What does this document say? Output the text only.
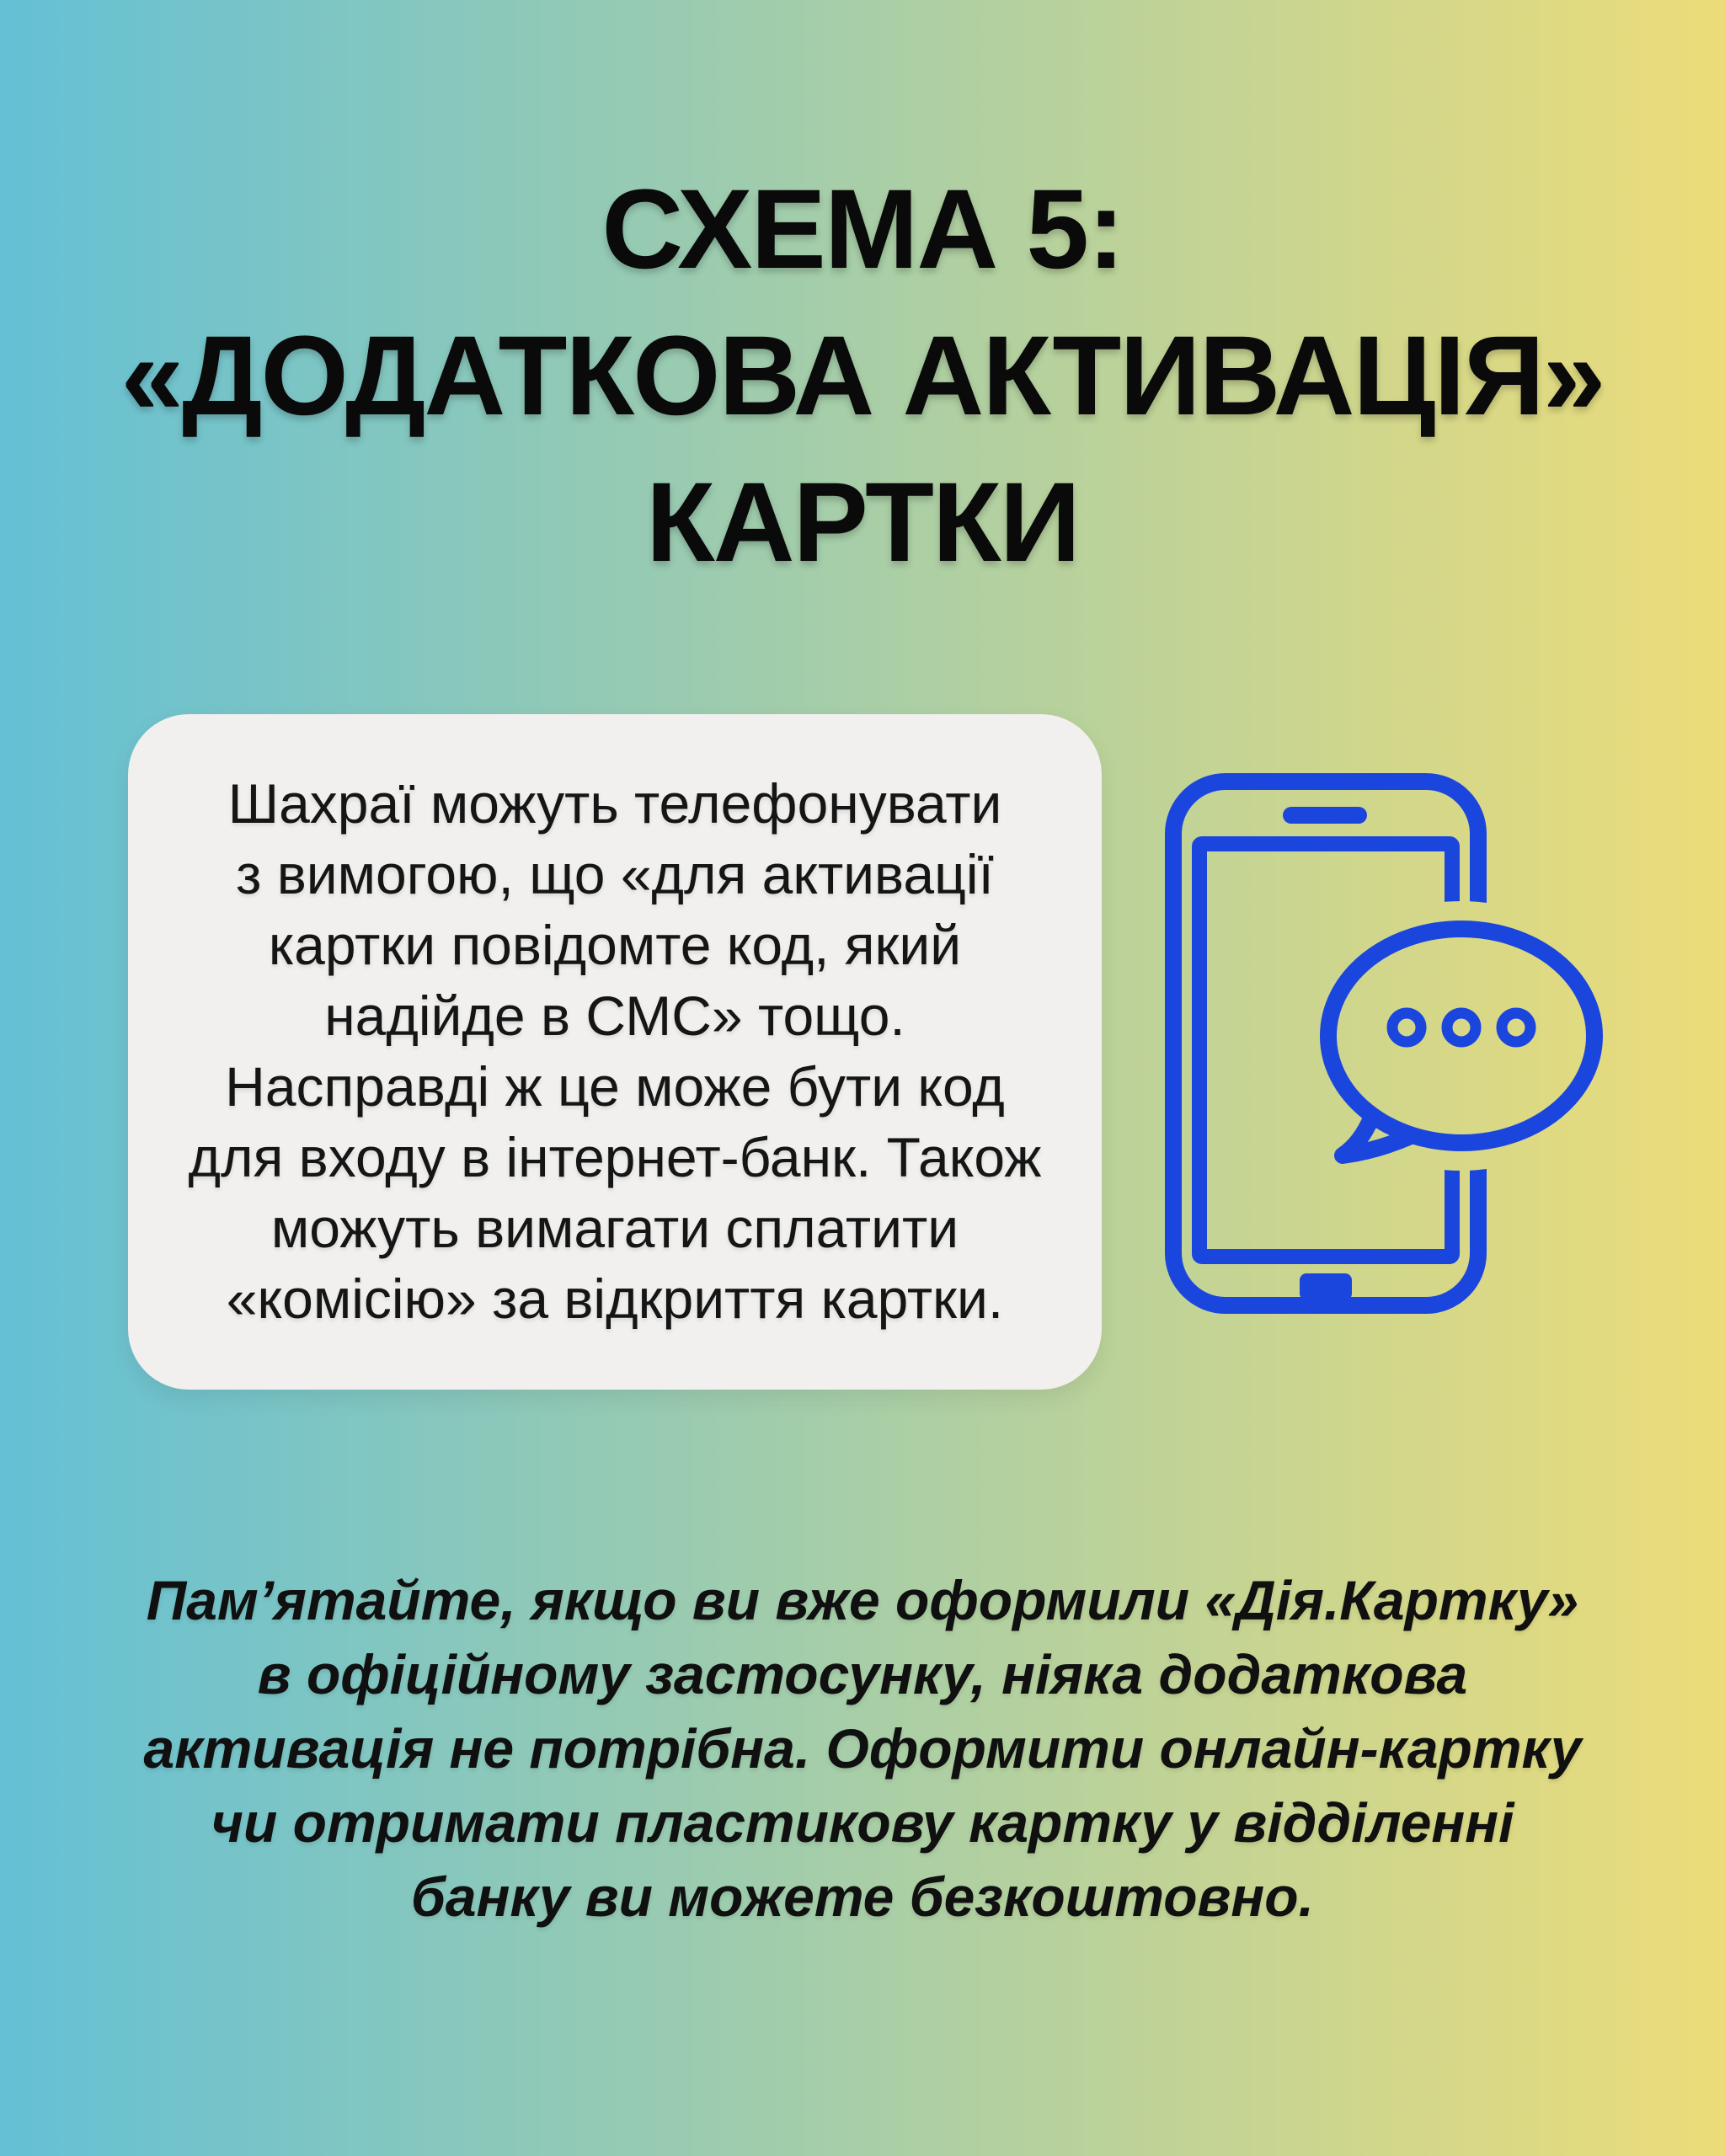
СХЕМА 5:
«ДОДАТКОВА АКТИВАЦІЯ»
КАРТКИ

Шахраї можуть телефонувати

з вимогою, що «для активації

картки повідомте код, який

надійде в СМС» тощо.

Насправді ж це може бути код

для входу в інтернет-банк. Також

можуть вимагати сплатити

«комісію» за відкриття картки.

Пам’ятайте, якщо ви вже оформили «Дія.Картку»
в офіційному застосунку, ніяка додаткова
активація не потрібна. Оформити онлайн-картку
чи отримати пластикову картку у відділенні
банку ви можете безкоштовно.
